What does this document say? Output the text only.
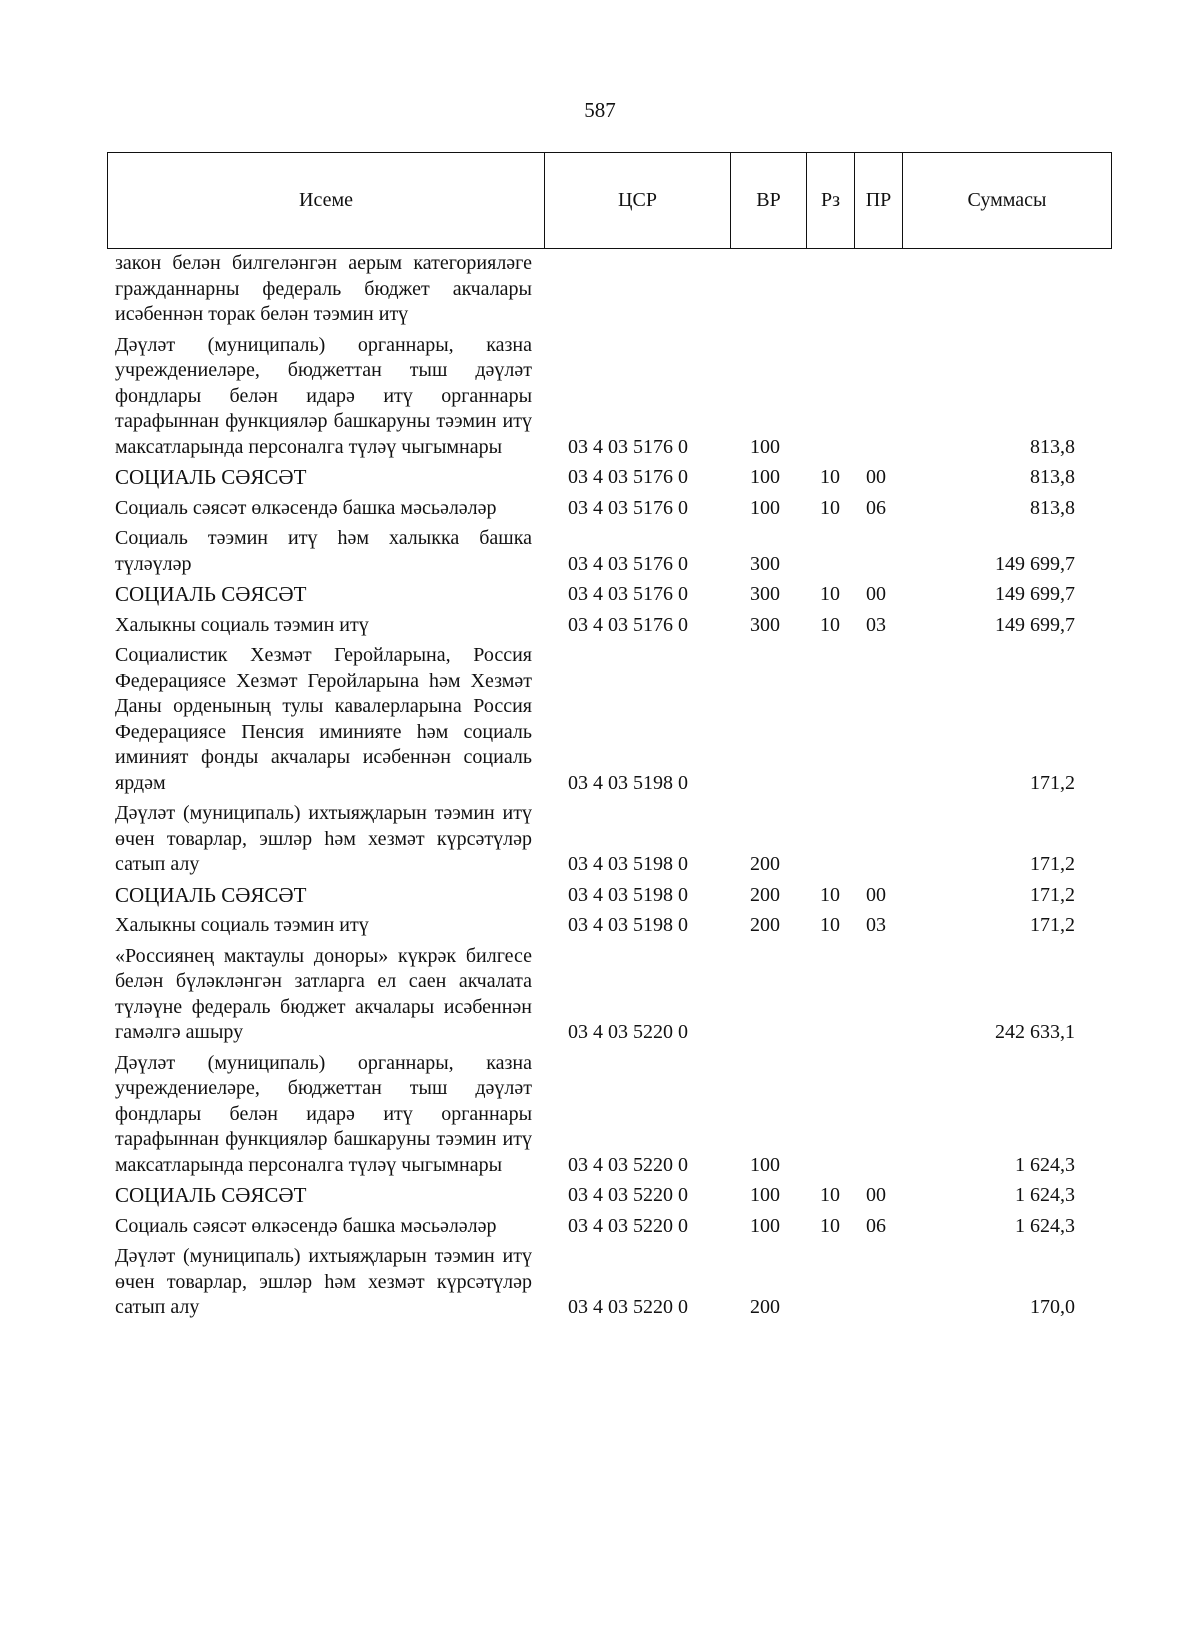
587
Исеме	ЦСР	ВР	Рз	ПР	Суммасы
закон белән билгеләнгән аерым категорияләге гражданнарны федераль бюджет акчалары исәбеннән торак белән тәэмин итү					
Дәүләт (муниципаль) органнары, казна учреждениеләре, бюджеттан тыш дәүләт фондлары белән идарә итү органнары тарафыннан функцияләр башкаруны тәэмин итү максатларында персоналга түләү чыгымнары	03 4 03 5176 0	100			813,8
СОЦИАЛЬ СӘЯСӘТ	03 4 03 5176 0	100	10	00	813,8
Социаль сәясәт өлкәсендә башка мәсьәләләр	03 4 03 5176 0	100	10	06	813,8
Социаль тәэмин итү һәм халыкка башка түләүләр	03 4 03 5176 0	300			149 699,7
СОЦИАЛЬ СӘЯСӘТ	03 4 03 5176 0	300	10	00	149 699,7
Халыкны социаль тәэмин итү	03 4 03 5176 0	300	10	03	149 699,7
Социалистик Хезмәт Геройларына, Россия Федерациясе Хезмәт Геройларына һәм Хезмәт Даны орденының тулы кавалерларына Россия Федерациясе Пенсия иминияте һәм социаль иминият фонды акчалары исәбеннән социаль ярдәм	03 4 03 5198 0				171,2
Дәүләт (муниципаль) ихтыяҗларын тәэмин итү өчен товарлар, эшләр һәм хезмәт күрсәтүләр сатып алу	03 4 03 5198 0	200			171,2
СОЦИАЛЬ СӘЯСӘТ	03 4 03 5198 0	200	10	00	171,2
Халыкны социаль тәэмин итү	03 4 03 5198 0	200	10	03	171,2
«Россиянең мактаулы доноры» күкрәк билгесе белән бүләкләнгән затларга ел саен акчалата түләүне федераль бюджет акчалары исәбеннән гамәлгә ашыру	03 4 03 5220 0				242 633,1
Дәүләт (муниципаль) органнары, казна учреждениеләре, бюджеттан тыш дәүләт фондлары белән идарә итү органнары тарафыннан функцияләр башкаруны тәэмин итү максатларында персоналга түләү чыгымнары	03 4 03 5220 0	100			1 624,3
СОЦИАЛЬ СӘЯСӘТ	03 4 03 5220 0	100	10	00	1 624,3
Социаль сәясәт өлкәсендә башка мәсьәләләр	03 4 03 5220 0	100	10	06	1 624,3
Дәүләт (муниципаль) ихтыяҗларын тәэмин итү өчен товарлар, эшләр һәм хезмәт күрсәтүләр сатып алу	03 4 03 5220 0	200			170,0
